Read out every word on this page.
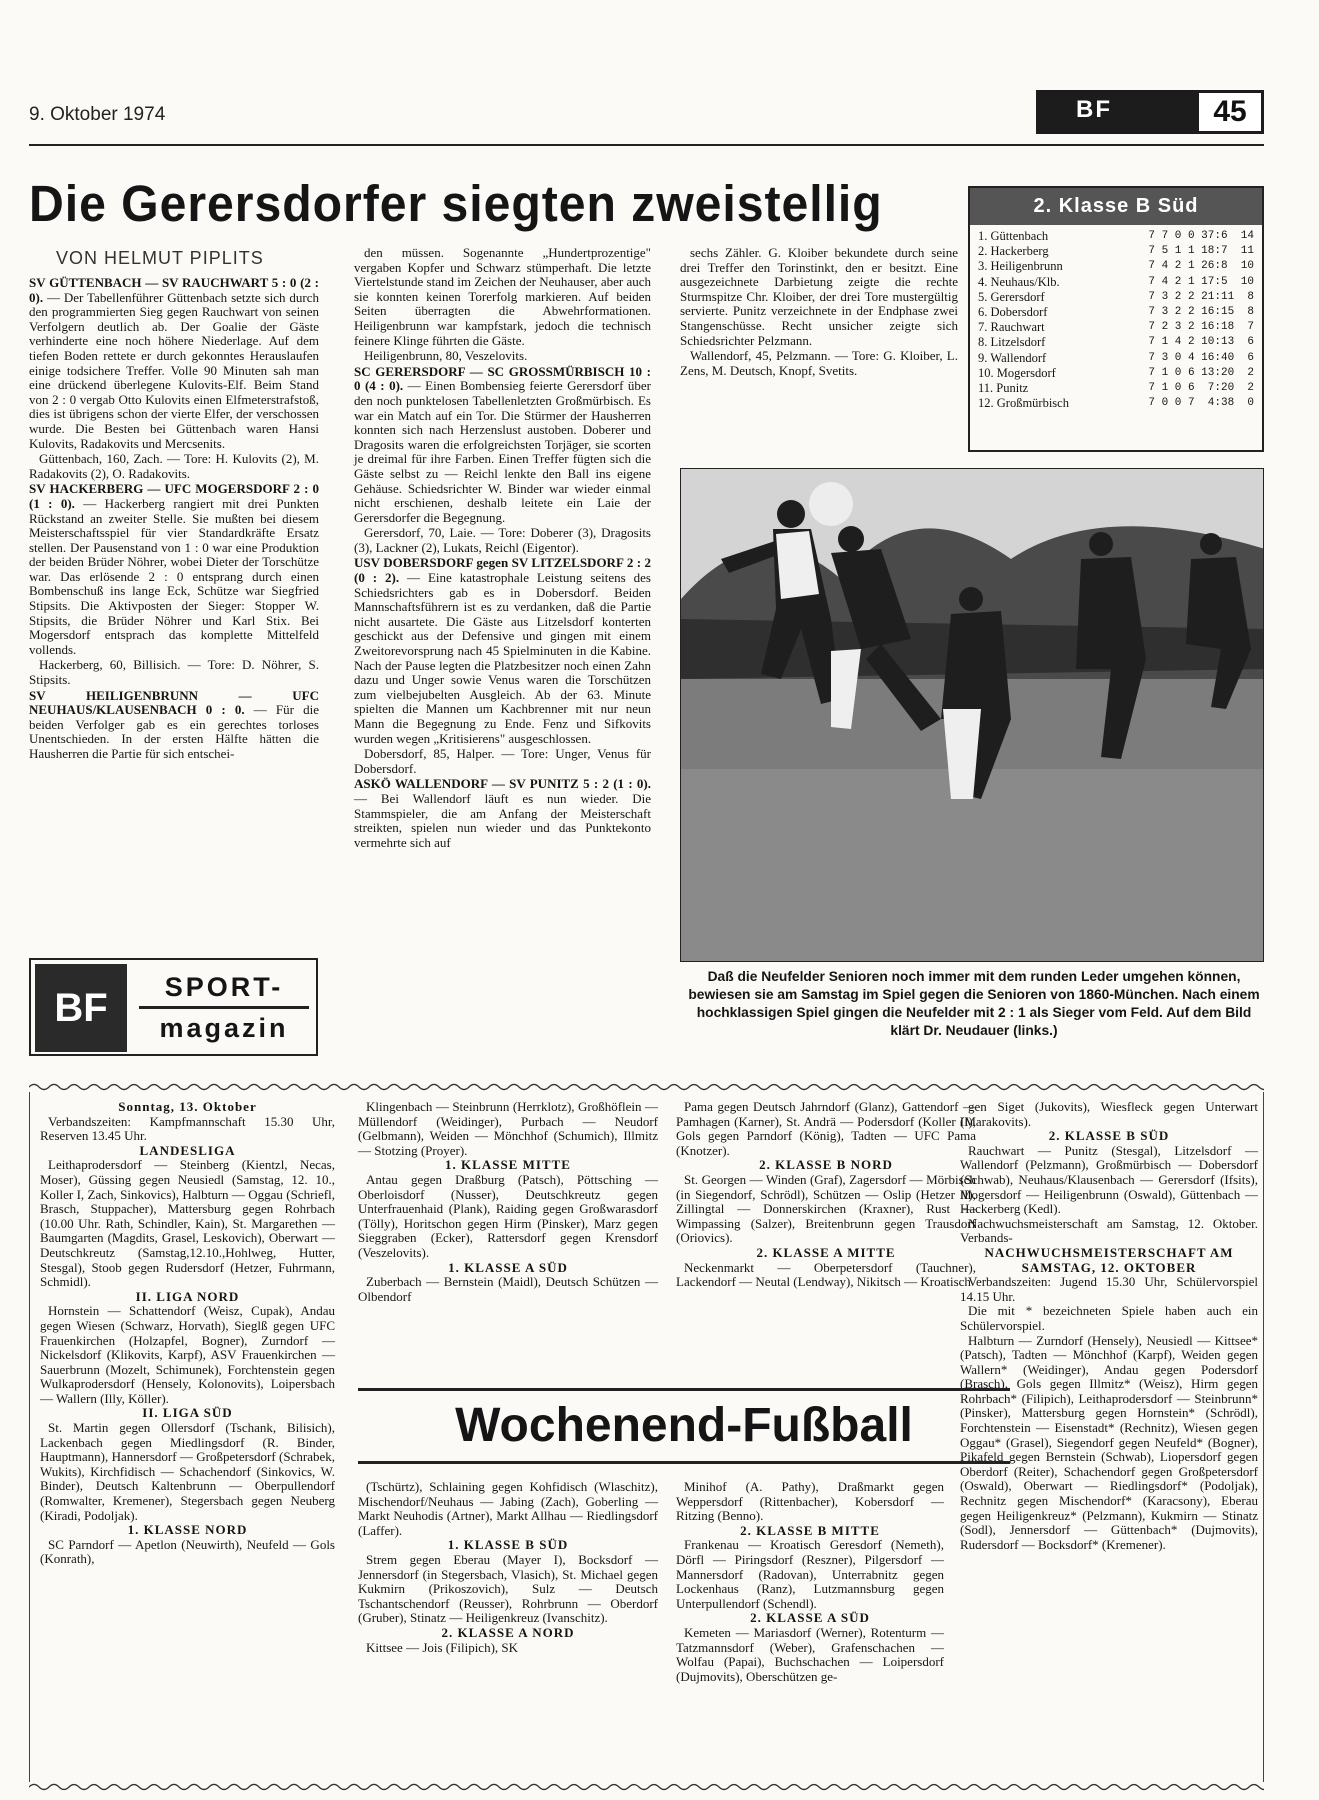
9. Oktober 1974	BF	45
Die Gerersdorfer siegten zweistellig
VON HELMUT PIPLITS

SV GÜTTENBACH — SV RAUCHWART 5 : 0 (2 : 0). — Der Tabellenführer Güttenbach setzte sich durch den programmierten Sieg gegen Rauchwart von seinen Verfolgern deutlich ab. Der Goalie der Gäste verhinderte eine noch höhere Niederlage. Auf dem tiefen Boden rettete er durch gekonntes Herauslaufen einige todsichere Treffer. Volle 90 Minuten sah man eine drückend überlegene Kulovits-Elf. Beim Stand von 2 : 0 vergab Otto Kulovits einen Elfmeterstrafstoß, dies ist übrigens schon der vierte Elfer, der verschossen wurde. Die Besten bei Güttenbach waren Hansi Kulovits, Radakovits und Mercsenits.

Güttenbach, 160, Zach. — Tore: H. Kulovits (2), M. Radakovits (2), O. Radakovits.

SV HACKERBERG — UFC MOGERSDORF 2 : 0 (1 : 0). — Hackerberg rangiert mit drei Punkten Rückstand an zweiter Stelle. Sie mußten bei diesem Meisterschaftsspiel für vier Standardkräfte Ersatz stellen. Der Pausenstand von 1 : 0 war eine Produktion der beiden Brüder Nöhrer, wobei Dieter der Torschütze war. Das erlösende 2 : 0 entsprang durch einen Bombenschuß ins lange Eck, Schütze war Siegfried Stipsits. Die Aktivposten der Sieger: Stopper W. Stipsits, die Brüder Nöhrer und Karl Stix. Bei Mogersdorf entsprach das komplette Mittelfeld vollends.

Hackerberg, 60, Billisich. — Tore: D. Nöhrer, S. Stipsits.

SV HEILIGENBRUNN — UFC NEUHAUS/KLAUSENBACH 0 : 0. — Für die beiden Verfolger gab es ein gerechtes torloses Unentschieden. In der ersten Hälfte hätten die Hausherren die Partie für sich entschei-

den müssen. Sogenannte „Hundertprozentige" vergaben Kopfer und Schwarz stümperhaft. Die letzte Viertelstunde stand im Zeichen der Neuhauser, aber auch sie konnten keinen Torerfolg markieren. Auf beiden Seiten überragten die Abwehrformationen. Heiligenbrunn war kampfstark, jedoch die technisch feinere Klinge führten die Gäste.

Heiligenbrunn, 80, Veszelovits.

SC GERERSDORF — SC GROSSMÜRBISCH 10 : 0 (4 : 0). — Einen Bombensieg feierte Gerersdorf über den noch punktelosen Tabellenletzten Großmürbisch. Es war ein Match auf ein Tor. Die Stürmer der Hausherren konnten sich nach Herzenslust austoben. Doberer und Dragosits waren die erfolgreichsten Torjäger, sie scorten je dreimal für ihre Farben. Einen Treffer fügten sich die Gäste selbst zu — Reichl lenkte den Ball ins eigene Gehäuse. Schiedsrichter W. Binder war wieder einmal nicht erschienen, deshalb leitete ein Laie der Gerersdorfer die Begegnung.

Gerersdorf, 70, Laie. — Tore: Doberer (3), Dragosits (3), Lackner (2), Lukats, Reichl (Eigentor).

USV DOBERSDORF gegen SV LITZELSDORF 2 : 2 (0 : 2). — Eine katastrophale Leistung seitens des Schiedsrichters gab es in Dobersdorf. Beiden Mannschaftsführern ist es zu verdanken, daß die Partie nicht ausartete. Die Gäste aus Litzelsdorf konterten geschickt aus der Defensive und gingen mit einem Zweitorevorsprung nach 45 Spielminuten in die Kabine. Nach der Pause legten die Platzbesitzer noch einen Zahn dazu und Unger sowie Venus waren die Torschützen zum vielbejubelten Ausgleich. Ab der 63. Minute spielten die Mannen um Kachbrenner mit nur neun Mann die Begegnung zu Ende. Fenz und Sifkovits wurden wegen „Kritisierens" ausgeschlossen.

Dobersdorf, 85, Halper. — Tore: Unger, Venus für Dobersdorf.

ASKÖ WALLENDORF — SV PUNITZ 5 : 2 (1 : 0). — Bei Wallendorf läuft es nun wieder. Die Stammspieler, die am Anfang der Meisterschaft streikten, spielen nun wieder und das Punktekonto vermehrte sich auf

sechs Zähler. G. Kloiber bekundete durch seine drei Treffer den Torinstinkt, den er besitzt. Eine ausgezeichnete Darbietung zeigte die rechte Sturmspitze Chr. Kloiber, der drei Tore mustergültig servierte. Punitz verzeichnete in der Endphase zwei Stangenschüsse. Recht unsicher zeigte sich Schiedsrichter Pelzmann.

Wallendorf, 45, Pelzmann. — Tore: G. Kloiber, L. Zens, M. Deutsch, Knopf, Svetits.

2. Klasse B Süd
1. Güttenbach	7 7 0 0 37:6  14
2. Hackerberg	7 5 1 1 18:7  11
3. Heiligenbrunn	7 4 2 1 26:8  10
4. Neuhaus/Klb.	7 4 2 1 17:5  10
5. Gerersdorf	7 3 2 2 21:11  8
6. Dobersdorf	7 3 2 2 16:15  8
7. Rauchwart	7 2 3 2 16:18  7
8. Litzelsdorf	7 1 4 2 10:13  6
9. Wallendorf	7 3 0 4 16:40  6
10. Mogersdorf	7 1 0 6 13:20  2
11. Punitz	7 1 0 6  7:20  2
12. Großmürbisch	7 0 0 7  4:38  0
Daß die Neufelder Senioren noch immer mit dem runden Leder umgehen können, bewiesen sie am Samstag im Spiel gegen die Senioren von 1860-München. Nach einem hochklassigen Spiel gingen die Neufelder mit 2 : 1 als Sieger vom Feld. Auf dem Bild klärt Dr. Neudauer (links.)
BF	SPORT-
magazin
Sonntag, 13. Oktober
Verbandszeiten: Kampfmannschaft 15.30 Uhr, Reserven 13.45 Uhr.
LANDESLIGA
Leithaprodersdorf — Steinberg (Kientzl, Necas, Moser), Güssing gegen Neusiedl (Samstag, 12. 10., Koller I, Zach, Sinkovics), Halbturn — Oggau (Schriefl, Brasch, Stuppacher), Mattersburg gegen Rohrbach (10.00 Uhr. Rath, Schindler, Kain), St. Margarethen — Baumgarten (Magdits, Grasel, Leskovich), Oberwart — Deutschkreutz (Samstag,12.10.,Hohlweg, Hutter, Stesgal), Stoob gegen Rudersdorf (Hetzer, Fuhrmann, Schmidl).
II. LIGA NORD
Hornstein — Schattendorf (Weisz, Cupak), Andau gegen Wiesen (Schwarz, Horvath), Sieglß gegen UFC Frauenkirchen (Holzapfel, Bogner), Zurndorf — Nickelsdorf (Klikovits, Karpf), ASV Frauenkirchen — Sauerbrunn (Mozelt, Schimunek), Forchtenstein gegen Wulkaprodersdorf (Hensely, Kolonovits), Loipersbach — Wallern (Illy, Köller).
II. LIGA SÜD
St. Martin gegen Ollersdorf (Tschank, Bilisich), Lackenbach gegen Miedlingsdorf (R. Binder, Hauptmann), Hannersdorf — Großpetersdorf (Schrabek, Wukits), Kirchfidisch — Schachendorf (Sinkovics, W. Binder), Deutsch Kaltenbrunn — Oberpullendorf (Romwalter, Kremener), Stegersbach gegen Neuberg (Kiradi, Podoljak).
1. KLASSE NORD
SC Parndorf — Apetlon (Neuwirth), Neufeld — Gols (Konrath),
Klingenbach — Steinbrunn (Herrklotz), Großhöflein — Müllendorf (Weidinger), Purbach — Neudorf (Gelbmann), Weiden — Mönchhof (Schumich), Illmitz — Stotzing (Proyer).
1. KLASSE MITTE
Antau gegen Draßburg (Patsch), Pöttsching — Oberloisdorf (Nusser), Deutschkreutz gegen Unterfrauenhaid (Plank), Raiding gegen Großwarasdorf (Tölly), Horitschon gegen Hirm (Pinsker), Marz gegen Sieggraben (Ecker), Rattersdorf gegen Krensdorf (Veszelovits).
1. KLASSE A SÜD
Zuberbach — Bernstein (Maidl), Deutsch Schützen — Olbendorf
Pama gegen Deutsch Jahrndorf (Glanz), Gattendorf — Pamhagen (Karner), St. Andrä — Podersdorf (Koller II), Gols gegen Parndorf (König), Tadten — UFC Pama (Knotzer).
2. KLASSE B NORD
St. Georgen — Winden (Graf), Zagersdorf — Mörbisch (in Siegendorf, Schrödl), Schützen — Oslip (Hetzer II), Zillingtal — Donnerskirchen (Kraxner), Rust — Wimpassing (Salzer), Breitenbrunn gegen Trausdorf (Oriovics).
2. KLASSE A MITTE
Neckenmarkt — Oberpetersdorf (Tauchner), Lackendorf — Neutal (Lendway), Nikitsch — Kroatisch
gen Siget (Jukovits), Wiesfleck gegen Unterwart (Marakovits).
2. KLASSE B SÜD
Rauchwart — Punitz (Stesgal), Litzelsdorf — Wallendorf (Pelzmann), Großmürbisch — Dobersdorf (Schwab), Neuhaus/Klausenbach — Gerersdorf (Ifsits), Mogersdorf — Heiligenbrunn (Oswald), Güttenbach — Hackerberg (Kedl).
Nachwuchsmeisterschaft am Samstag, 12. Oktober. Verbands-
NACHWUCHSMEISTERSCHAFT AM SAMSTAG, 12. OKTOBER
Verbandszeiten: Jugend 15.30 Uhr, Schülervorspiel 14.15 Uhr.
Die mit * bezeichneten Spiele haben auch ein Schülervorspiel.
Halbturn — Zurndorf (Hensely), Neusiedl — Kittsee* (Patsch), Tadten — Mönchhof (Karpf), Weiden gegen Wallern* (Weidinger), Andau gegen Podersdorf (Brasch), Gols gegen Illmitz* (Weisz), Hirm gegen Rohrbach* (Filipich), Leithaprodersdorf — Steinbrunn* (Pinsker), Mattersburg gegen Hornstein* (Schrödl), Forchtenstein — Eisenstadt* (Rechnitz), Wiesen gegen Oggau* (Grasel), Siegendorf gegen Neufeld* (Bogner), Pikafeld gegen Bernstein (Schwab), Liopersdorf gegen Oberdorf (Reiter), Schachendorf gegen Großpetersdorf (Oswald), Oberwart — Riedlingsdorf* (Podoljak), Rechnitz gegen Mischendorf* (Karacsony), Eberau gegen Heiligenkreuz* (Pelzmann), Kukmirn — Stinatz (Sodl), Jennersdorf — Güttenbach* (Dujmovits), Rudersdorf — Bocksdorf* (Kremener).
Wochenend-Fußball
(Tschürtz), Schlaining gegen Kohfidisch (Wlaschitz), Mischendorf/Neuhaus — Jabing (Zach), Goberling — Markt Neuhodis (Artner), Markt Allhau — Riedlingsdorf (Laffer).
1. KLASSE B SÜD
Strem gegen Eberau (Mayer I), Bocksdorf — Jennersdorf (in Stegersbach, Vlasich), St. Michael gegen Kukmirn (Prikoszovich), Sulz — Deutsch Tschantschendorf (Reusser), Rohrbrunn — Oberdorf (Gruber), Stinatz — Heiligenkreuz (Ivanschitz).
2. KLASSE A NORD
Kittsee — Jois (Filipich), SK
Minihof (A. Pathy), Draßmarkt gegen Weppersdorf (Rittenbacher), Kobersdorf — Ritzing (Benno).
2. KLASSE B MITTE
Frankenau — Kroatisch Geresdorf (Nemeth), Dörfl — Piringsdorf (Reszner), Pilgersdorf — Mannersdorf (Radovan), Unterrabnitz gegen Lockenhaus (Ranz), Lutzmannsburg gegen Unterpullendorf (Schendl).
2. KLASSE A SÜD
Kemeten — Mariasdorf (Werner), Rotenturm — Tatzmannsdorf (Weber), Grafenschachen — Wolfau (Papai), Buchschachen — Loipersdorf (Dujmovits), Oberschützen ge-
